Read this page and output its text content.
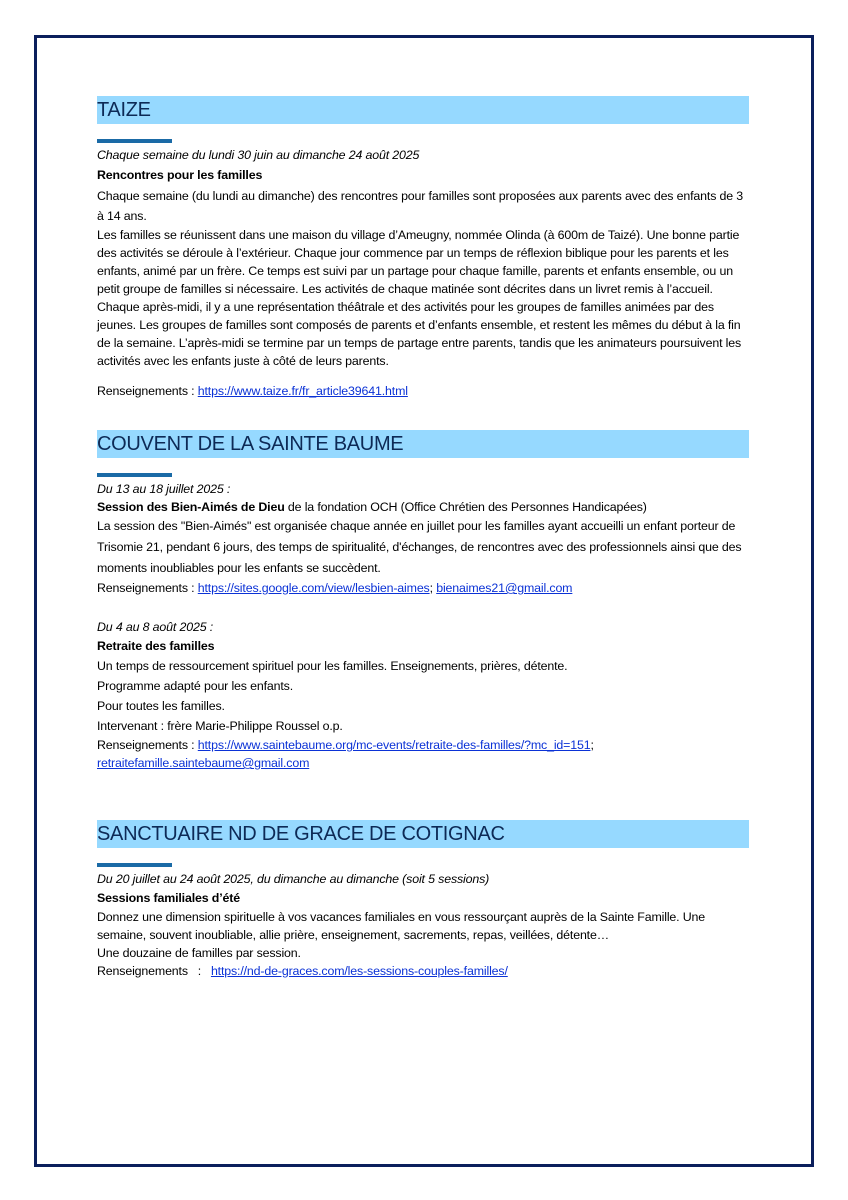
TAIZE

Chaque semaine du lundi 30 juin au dimanche 24 août 2025

Rencontres pour les familles

Chaque semaine (du lundi au dimanche) des rencontres pour familles sont proposées aux parents avec des enfants de 3 à 14 ans.

Les familles se réunissent dans une maison du village d’Ameugny, nommée Olinda (à 600m de Taizé). Une bonne partie des activités se déroule à l’extérieur. Chaque jour commence par un temps de réflexion biblique pour les parents et les enfants, animé par un frère. Ce temps est suivi par un partage pour chaque famille, parents et enfants ensemble, ou un petit groupe de familles si nécessaire. Les activités de chaque matinée sont décrites dans un livret remis à l’accueil.

Chaque après-midi, il y a une représentation théâtrale et des activités pour les groupes de familles animées par des jeunes. Les groupes de familles sont composés de parents et d’enfants ensemble, et restent les mêmes du début à la fin de la semaine. L’après-midi se termine par un temps de partage entre parents, tandis que les animateurs poursuivent les activités avec les enfants juste à côté de leurs parents.

Renseignements : https://www.taize.fr/fr_article39641.html

COUVENT DE LA SAINTE BAUME

Du 13 au 18 juillet 2025 :

Session des Bien-Aimés de Dieu de la fondation OCH (Office Chrétien des Personnes Handicapées)

La session des "Bien-Aimés" est organisée chaque année en juillet pour les familles ayant accueilli un enfant porteur de Trisomie 21, pendant 6 jours, des temps de spiritualité, d'échanges, de rencontres avec des professionnels ainsi que des moments inoubliables pour les enfants se succèdent.

Renseignements : https://sites.google.com/view/lesbien-aimes; bienaimes21@gmail.com

Du 4 au 8 août 2025 :

Retraite des familles

Un temps de ressourcement spirituel pour les familles. Enseignements, prières, détente.

Programme adapté pour les enfants.

Pour toutes les familles.

Intervenant : frère Marie-Philippe Roussel o.p.

Renseignements : https://www.saintebaume.org/mc-events/retraite-des-familles/?mc_id=151;
retraitefamille.saintebaume@gmail.com

SANCTUAIRE ND DE GRACE DE COTIGNAC

Du 20 juillet au 24 août 2025, du dimanche au dimanche (soit 5 sessions)

Sessions familiales d’été

Donnez une dimension spirituelle à vos vacances familiales en vous ressourçant auprès de la Sainte Famille. Une semaine, souvent inoubliable, allie prière, enseignement, sacrements, repas, veillées, détente…

Une douzaine de familles par session.

Renseignements   :   https://nd-de-graces.com/les-sessions-couples-familles/
